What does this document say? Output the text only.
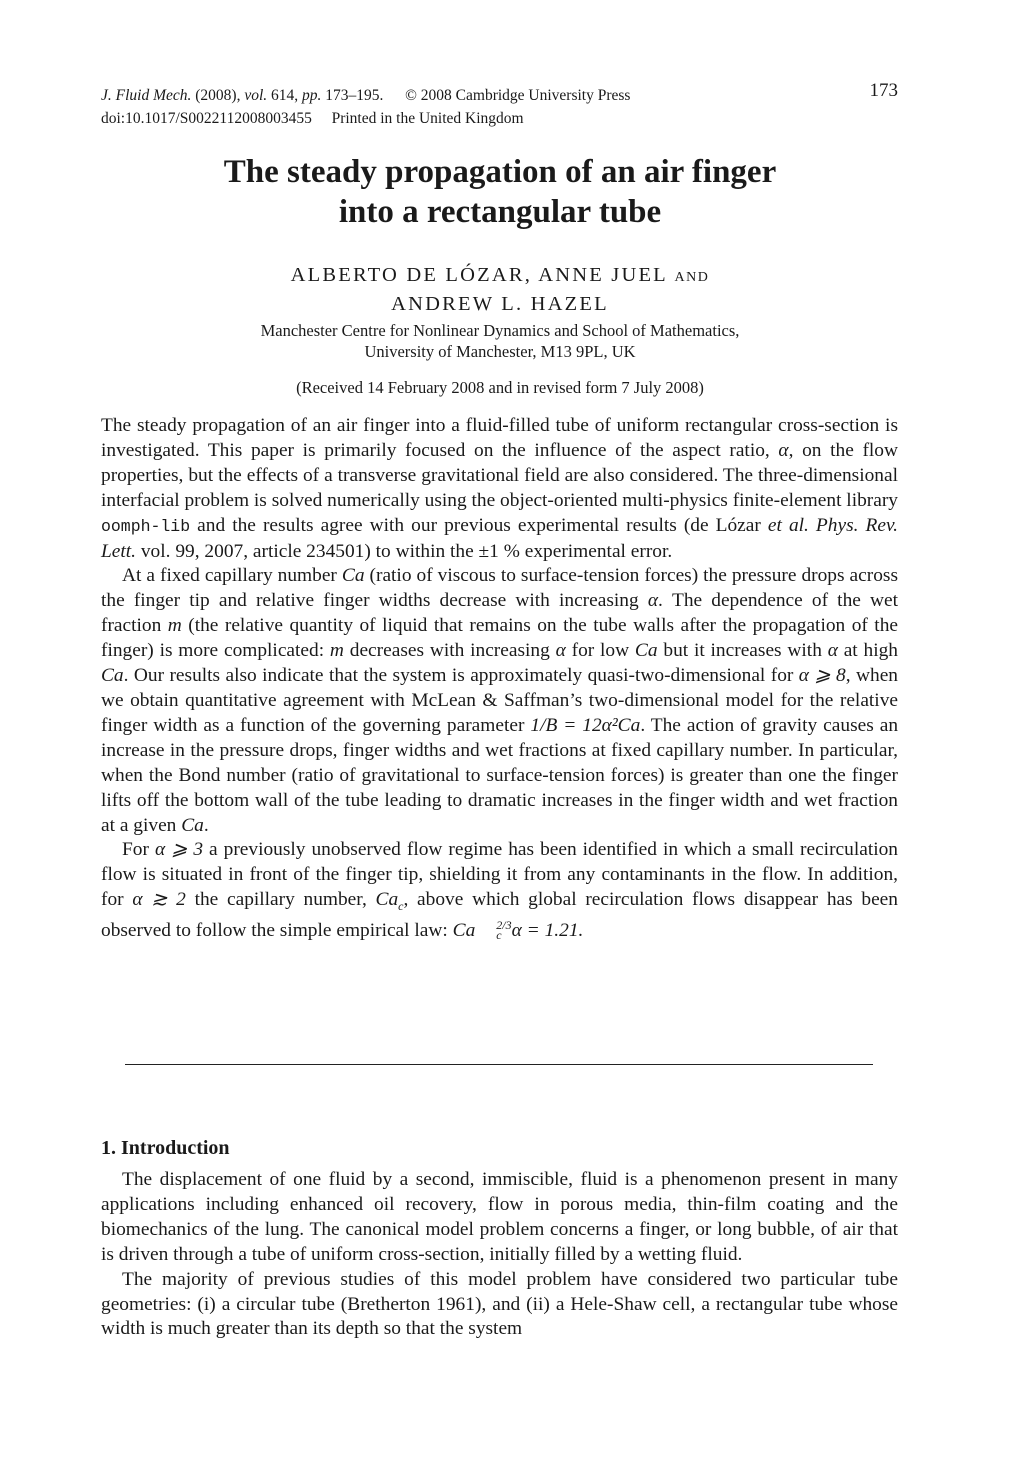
J. Fluid Mech. (2008), vol. 614, pp. 173–195. © 2008 Cambridge University Press
doi:10.1017/S0022112008003455 Printed in the United Kingdom
173
The steady propagation of an air finger
into a rectangular tube
ALBERTO DE LÓZAR, ANNE JUEL AND
ANDREW L. HAZEL
Manchester Centre for Nonlinear Dynamics and School of Mathematics,
University of Manchester, M13 9PL, UK
(Received 14 February 2008 and in revised form 7 July 2008)

The steady propagation of an air finger into a fluid-filled tube of uniform rectangular cross-section is investigated. This paper is primarily focused on the influence of the aspect ratio, α, on the flow properties, but the effects of a transverse gravitational field are also considered. The three-dimensional interfacial problem is solved numerically using the object-oriented multi-physics finite-element library oomph-lib and the results agree with our previous experimental results (de Lózar et al. Phys. Rev. Lett. vol. 99, 2007, article 234501) to within the ±1 % experimental error.

At a fixed capillary number Ca (ratio of viscous to surface-tension forces) the pressure drops across the finger tip and relative finger widths decrease with increasing α. The dependence of the wet fraction m (the relative quantity of liquid that remains on the tube walls after the propagation of the finger) is more complicated: m decreases with increasing α for low Ca but it increases with α at high Ca. Our results also indicate that the system is approximately quasi-two-dimensional for α ⩾ 8, when we obtain quantitative agreement with McLean & Saffman’s two-dimensional model for the relative finger width as a function of the governing parameter 1/B = 12α²Ca. The action of gravity causes an increase in the pressure drops, finger widths and wet fractions at fixed capillary number. In particular, when the Bond number (ratio of gravitational to surface-tension forces) is greater than one the finger lifts off the bottom wall of the tube leading to dramatic increases in the finger width and wet fraction at a given Ca.

For α ⩾ 3 a previously unobserved flow regime has been identified in which a small recirculation flow is situated in front of the finger tip, shielding it from any contaminants in the flow. In addition, for α ≳ 2 the capillary number, $Ca_c$, above which global recirculation flows disappear has been observed to follow the simple empirical law: Ca	2/3
c α = 1.21.

1. Introduction

The displacement of one fluid by a second, immiscible, fluid is a phenomenon present in many applications including enhanced oil recovery, flow in porous media, thin-film coating and the biomechanics of the lung. The canonical model problem concerns a finger, or long bubble, of air that is driven through a tube of uniform cross-section, initially filled by a wetting fluid.

The majority of previous studies of this model problem have considered two particular tube geometries: (i) a circular tube (Bretherton 1961), and (ii) a Hele-Shaw cell, a rectangular tube whose width is much greater than its depth so that the system
